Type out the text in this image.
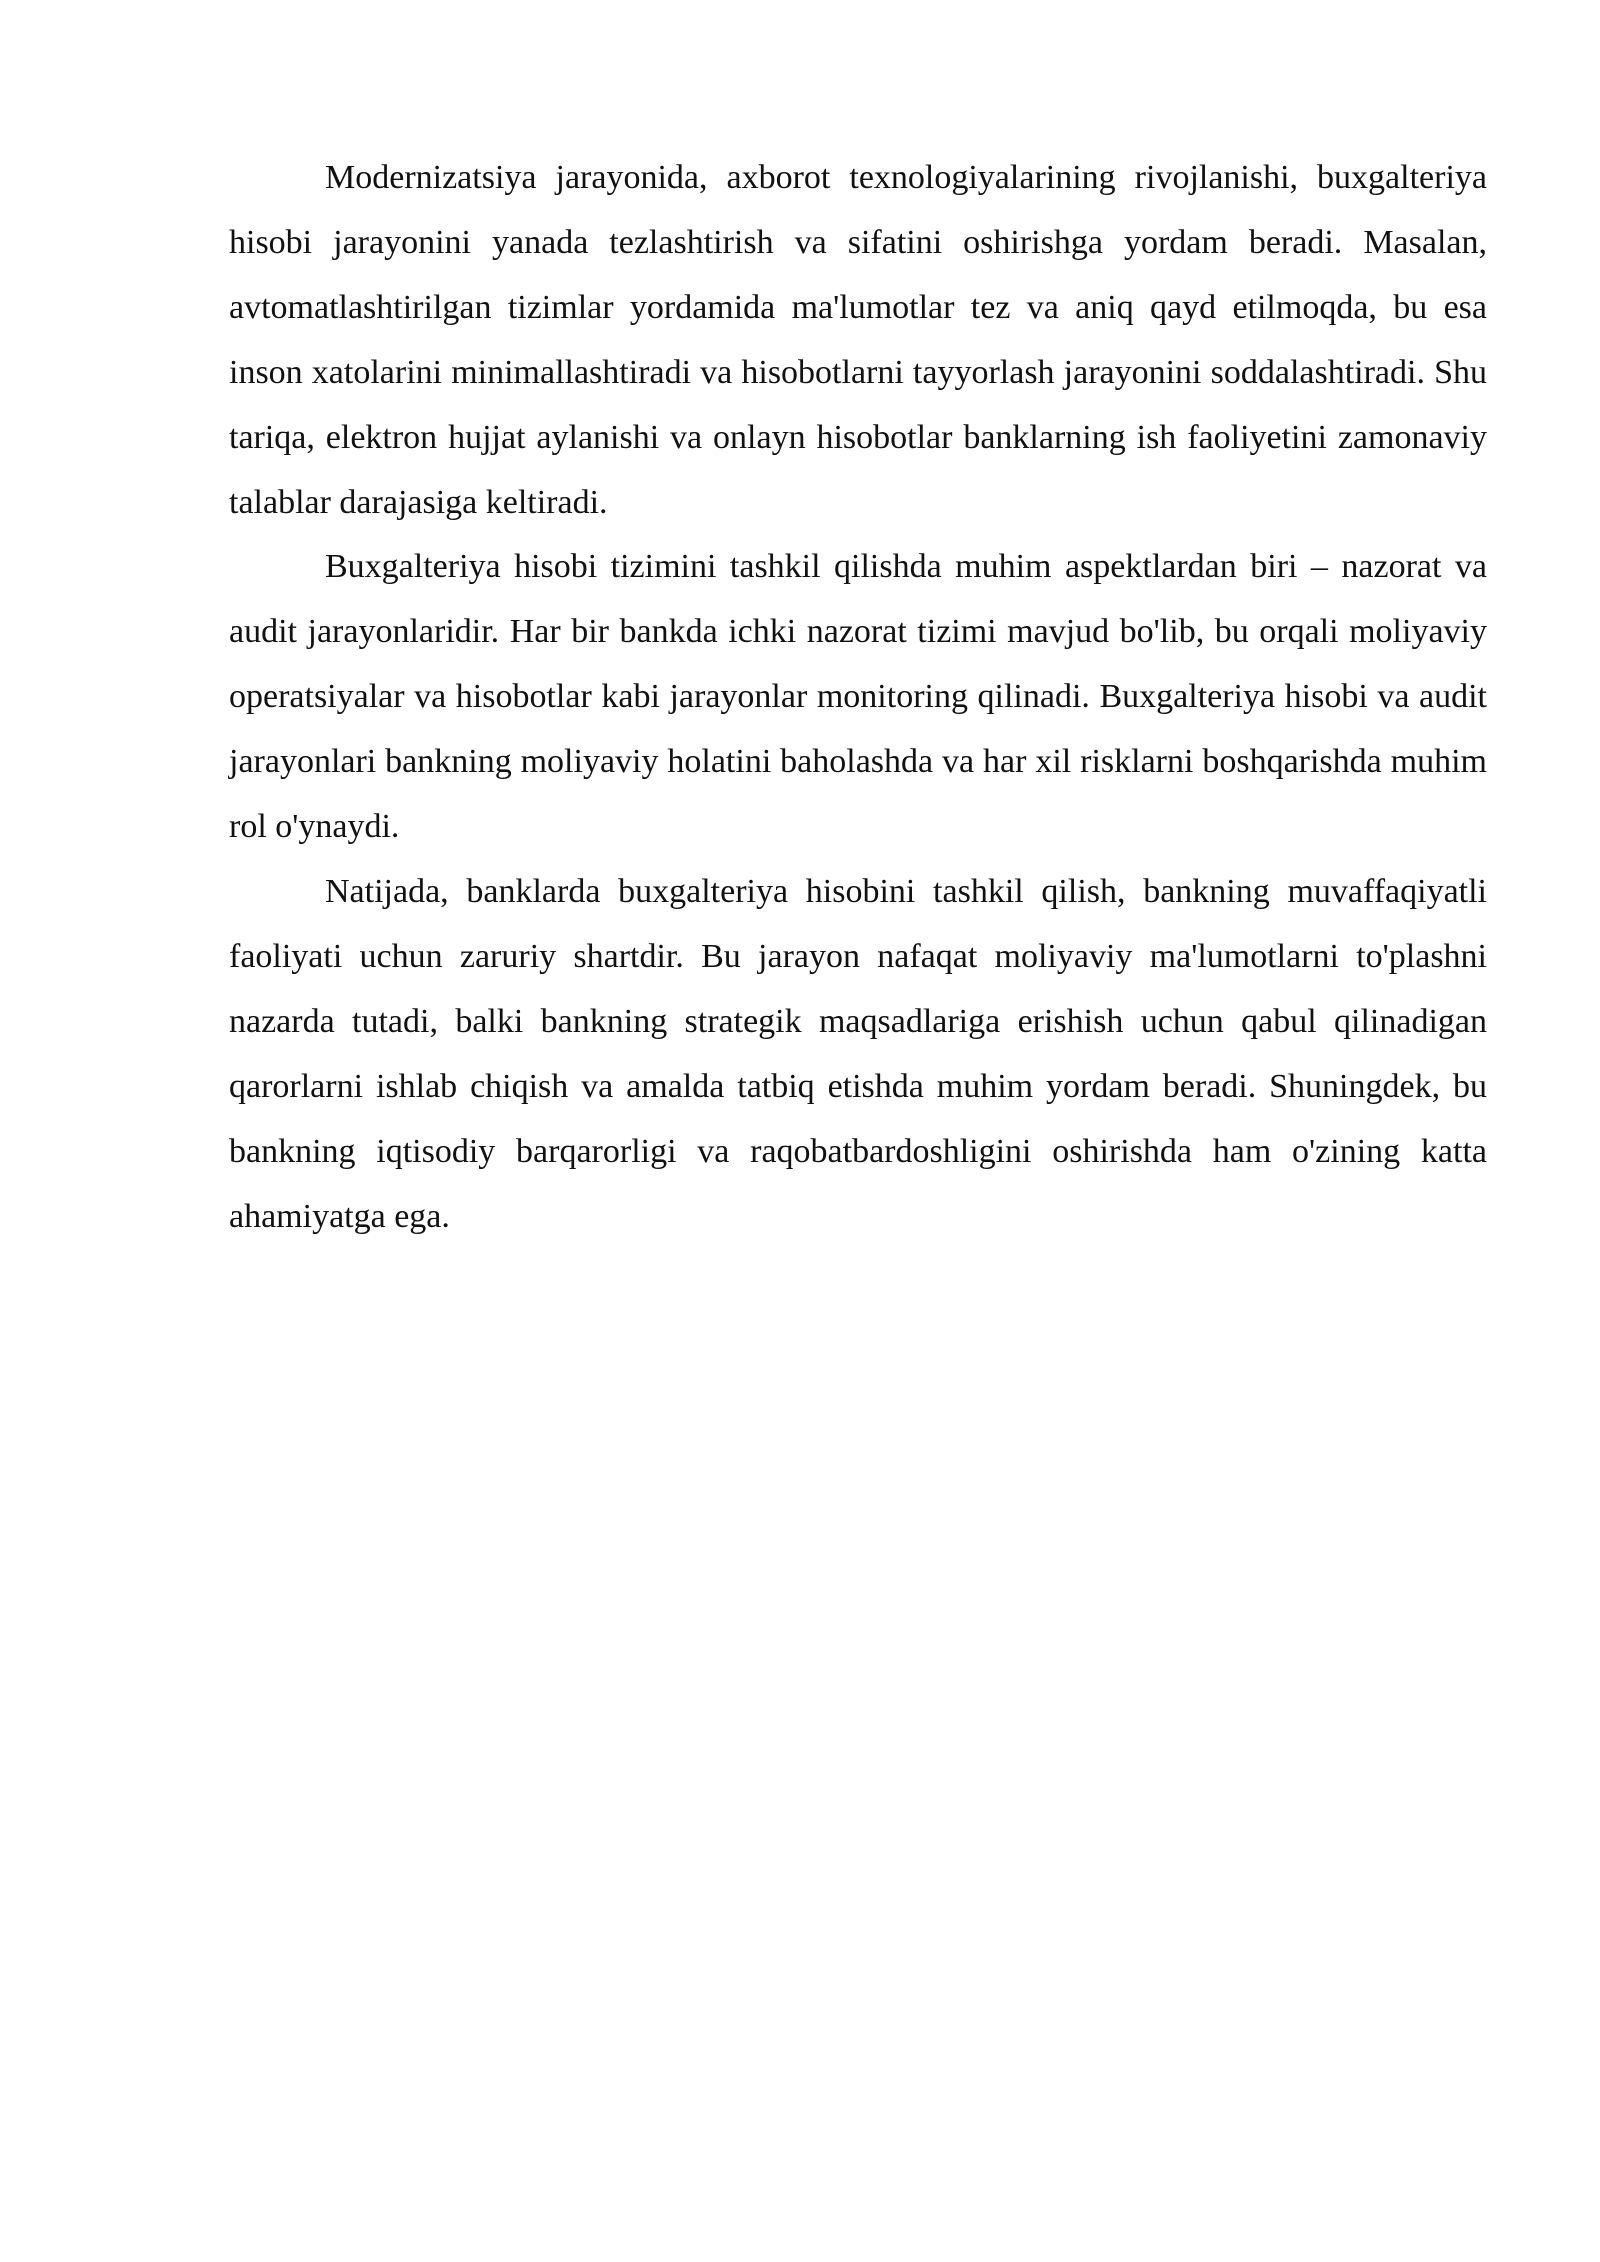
Modernizatsiya jarayonida, axborot texnologiyalarining rivojlanishi, buxgalteriya hisobi jarayonini yanada tezlashtirish va sifatini oshirishga yordam beradi. Masalan, avtomatlashtirilgan tizimlar yordamida ma'lumotlar tez va aniq qayd etilmoqda, bu esa inson xatolarini minimallashtiradi va hisobotlarni tayyorlash jarayonini soddalashtiradi. Shu tariqa, elektron hujjat aylanishi va onlayn hisobotlar banklarning ish faoliyetini zamonaviy talablar darajasiga keltiradi.

Buxgalteriya hisobi tizimini tashkil qilishda muhim aspektlardan biri – nazorat va audit jarayonlaridir. Har bir bankda ichki nazorat tizimi mavjud bo'lib, bu orqali moliyaviy operatsiyalar va hisobotlar kabi jarayonlar monitoring qilinadi. Buxgalteriya hisobi va audit jarayonlari bankning moliyaviy holatini baholashda va har xil risklarni boshqarishda muhim rol o'ynaydi.

Natijada, banklarda buxgalteriya hisobini tashkil qilish, bankning muvaffaqiyatli faoliyati uchun zaruriy shartdir. Bu jarayon nafaqat moliyaviy ma'lumotlarni to'plashni nazarda tutadi, balki bankning strategik maqsadlariga erishish uchun qabul qilinadigan qarorlarni ishlab chiqish va amalda tatbiq etishda muhim yordam beradi. Shuningdek, bu bankning iqtisodiy barqarorligi va raqobatbardoshligini oshirishda ham o'zining katta ahamiyatga ega.
